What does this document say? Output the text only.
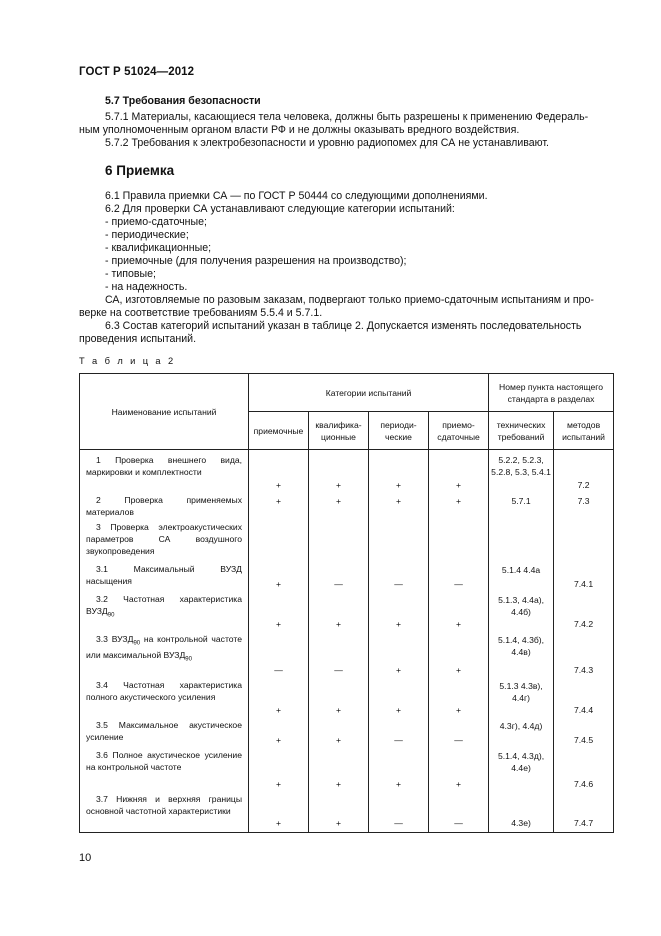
ГОСТ Р 51024—2012
5.7 Требования безопасности
5.7.1 Материалы, касающиеся тела человека, должны быть разрешены к применению Федераль-
ным уполномоченным органом власти РФ и не должны оказывать вредного воздействия.
5.7.2 Требования к электробезопасности и уровню радиопомех для СА не устанавливают.
6 Приемка
6.1 Правила приемки СА — по ГОСТ Р 50444 со следующими дополнениями.
6.2 Для проверки СА устанавливают следующие категории испытаний:
- приемо-сдаточные;
- периодические;
- квалификационные;
- приемочные (для получения разрешения на производство);
- типовые;
- на надежность.
СА, изготовляемые по разовым заказам, подвергают только приемо-сдаточным испытаниям и про-
верке на соответствие требованиям 5.5.4 и 5.7.1.
6.3 Состав категорий испытаний указан в таблице 2. Допускается изменять последовательность
проведения испытаний.
Т а б л и ц а 2
Наименование испытаний	Категории испытаний				Номер пункта настоящего стандарта в разделах	
	приемочные	квалифика-ционные	периоди-ческие	приемо-сдаточные	технических требований	методов испытаний
1 Проверка внешнего вида, маркировки и комплектности	+	+	+	+	5.2.2, 5.2.3, 5.2.8, 5.3, 5.4.1	7.2
2 Проверка применяемых материалов	+	+	+	+	5.7.1	7.3
3 Проверка электроакустических параметров СА воздушного звукопроведения						
3.1 Максимальный ВУЗД насыщения	+	—	—	—	5.1.4 4.4а	7.4.1
3.2 Частотная характеристика $ВУЗД_{90}$	+	+	+	+	5.1.3, 4.4а), 4.4б)	7.4.2
3.3 $ВУЗД_{90}$ на контрольной частоте или максимальной $ВУЗД_{90}$	—	—	+	+	5.1.4, 4.3б), 4.4в)	7.4.3
3.4 Частотная характеристика полного акустического усиления	+	+	+	+	5.1.3 4.3в), 4.4г)	7.4.4
3.5 Максимальное акустическое усиление	+	+	—	—	4.3г), 4.4д)	7.4.5
3.6 Полное акустическое усиление на контрольной частоте	+	+	+	+	5.1.4, 4.3д), 4.4е)	7.4.6
3.7 Нижняя и верхняя границы основной частотной характеристики	+	+	—	—	4.3е)	7.4.7
10
